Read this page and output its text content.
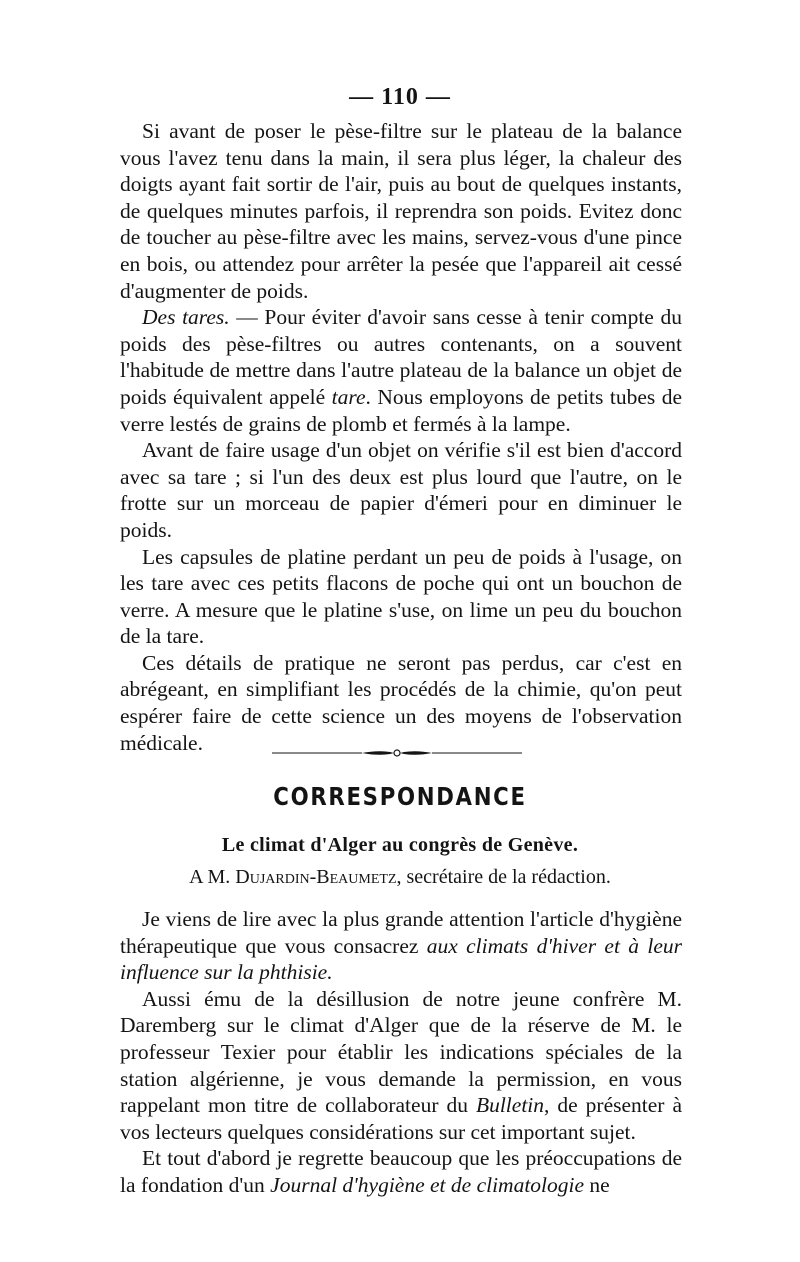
— 110 —

Si avant de poser le pèse-filtre sur le plateau de la balance vous l'avez tenu dans la main, il sera plus léger, la chaleur des doigts ayant fait sortir de l'air, puis au bout de quelques instants, de quelques minutes parfois, il reprendra son poids. Evitez donc de toucher au pèse-filtre avec les mains, servez-vous d'une pince en bois, ou attendez pour arrêter la pesée que l'appareil ait cessé d'augmenter de poids.

Des tares. — Pour éviter d'avoir sans cesse à tenir compte du poids des pèse-filtres ou autres contenants, on a souvent l'habitude de mettre dans l'autre plateau de la balance un objet de poids équivalent appelé tare. Nous employons de petits tubes de verre lestés de grains de plomb et fermés à la lampe.

Avant de faire usage d'un objet on vérifie s'il est bien d'accord avec sa tare ; si l'un des deux est plus lourd que l'autre, on le frotte sur un morceau de papier d'émeri pour en diminuer le poids.

Les capsules de platine perdant un peu de poids à l'usage, on les tare avec ces petits flacons de poche qui ont un bouchon de verre. A mesure que le platine s'use, on lime un peu du bouchon de la tare.

Ces détails de pratique ne seront pas perdus, car c'est en abrégeant, en simplifiant les procédés de la chimie, qu'on peut espérer faire de cette science un des moyens de l'observation médicale.

CORRESPONDANCE
Le climat d'Alger au congrès de Genève.
A M. Dujardin-Beaumetz, secrétaire de la rédaction.

Je viens de lire avec la plus grande attention l'article d'hygiène thérapeutique que vous consacrez aux climats d'hiver et à leur influence sur la phthisie.

Aussi ému de la désillusion de notre jeune confrère M. Daremberg sur le climat d'Alger que de la réserve de M. le professeur Texier pour établir les indications spéciales de la station algérienne, je vous demande la permission, en vous rappelant mon titre de collaborateur du Bulletin, de présenter à vos lecteurs quelques considérations sur cet important sujet.

Et tout d'abord je regrette beaucoup que les préoccupations de la fondation d'un Journal d'hygiène et de climatologie ne
